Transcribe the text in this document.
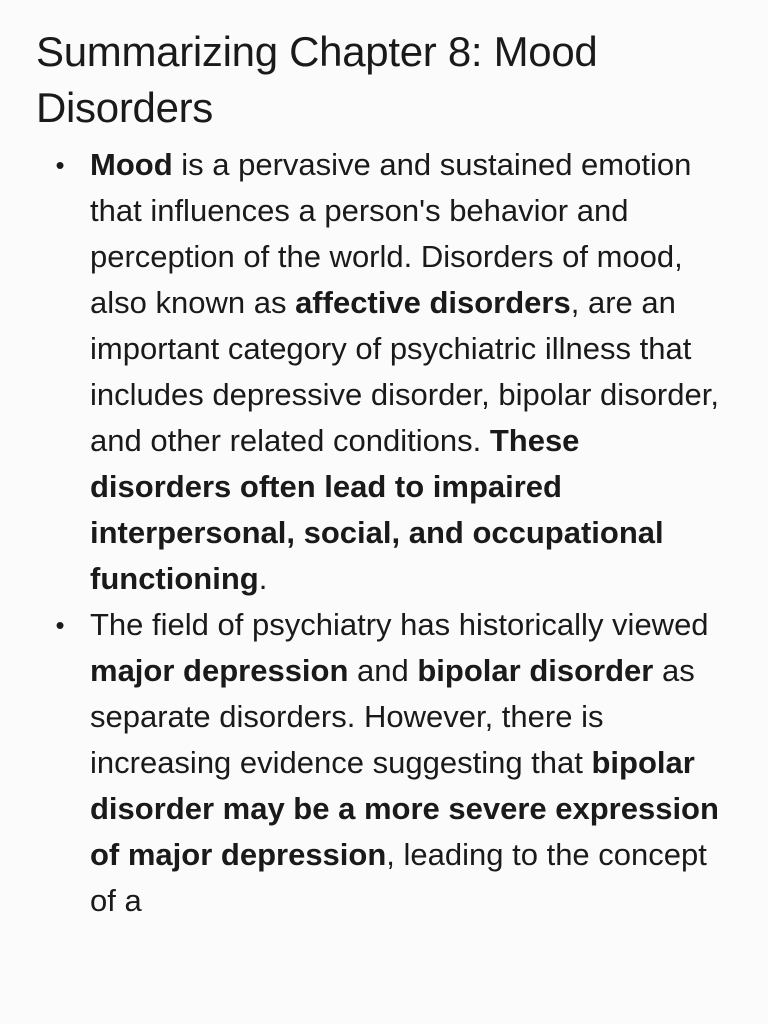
Summarizing Chapter 8: Mood Disorders
• Mood is a pervasive and sustained emotion that influences a person's behavior and perception of the world. Disorders of mood, also known as affective disorders, are an important category of psychiatric illness that includes depressive disorder, bipolar disorder, and other related conditions. These disorders often lead to impaired interpersonal, social, and occupational functioning.
• The field of psychiatry has historically viewed major depression and bipolar disorder as separate disorders. However, there is increasing evidence suggesting that bipolar disorder may be a more severe expression of major depression, leading to the concept of a
